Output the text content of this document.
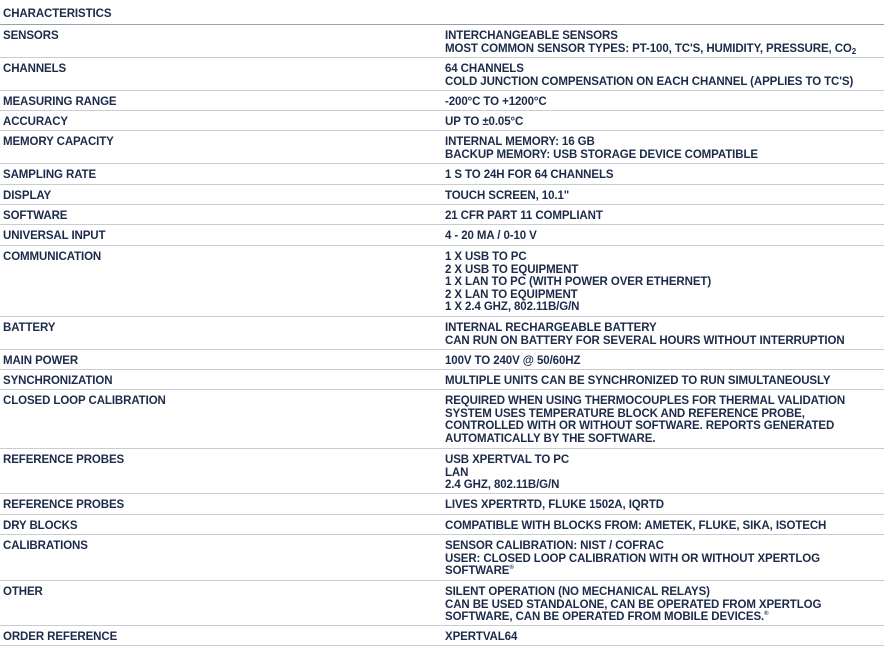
CHARACTERISTICS
SENSORS	INTERCHANGEABLE SENSORS
MOST COMMON SENSOR TYPES: PT-100, TC'S, HUMIDITY, PRESSURE, $CO_2$
CHANNELS	64 CHANNELS
COLD JUNCTION COMPENSATION ON EACH CHANNEL (APPLIES TO TC'S)
MEASURING RANGE	-200°C TO +1200°C
ACCURACY	UP TO ±0.05°C
MEMORY CAPACITY	INTERNAL MEMORY: 16 GB
BACKUP MEMORY: USB STORAGE DEVICE COMPATIBLE
SAMPLING RATE	1 S TO 24H FOR 64 CHANNELS
DISPLAY	TOUCH SCREEN, 10.1"
SOFTWARE	21 CFR PART 11 COMPLIANT
UNIVERSAL INPUT	4 - 20 MA / 0-10 V
COMMUNICATION	1 X USB TO PC
2 X USB TO EQUIPMENT
1 X LAN TO PC (WITH POWER OVER ETHERNET)
2 X LAN TO EQUIPMENT
1 X 2.4 GHZ, 802.11B/G/N
BATTERY	INTERNAL RECHARGEABLE BATTERY
CAN RUN ON BATTERY FOR SEVERAL HOURS WITHOUT INTERRUPTION
MAIN POWER	100V TO 240V @ 50/60HZ
SYNCHRONIZATION	MULTIPLE UNITS CAN BE SYNCHRONIZED TO RUN SIMULTANEOUSLY
CLOSED LOOP CALIBRATION	REQUIRED WHEN USING THERMOCOUPLES FOR THERMAL VALIDATION
SYSTEM USES TEMPERATURE BLOCK AND REFERENCE PROBE,
CONTROLLED WITH OR WITHOUT SOFTWARE. REPORTS GENERATED
AUTOMATICALLY BY THE SOFTWARE.
REFERENCE PROBES	USB XPERTVAL TO PC
LAN
2.4 GHZ, 802.11B/G/N
REFERENCE PROBES	LIVES XPERTRTD, FLUKE 1502A, IQRTD
DRY BLOCKS	COMPATIBLE WITH BLOCKS FROM: AMETEK, FLUKE, SIKA, ISOTECH
CALIBRATIONS	SENSOR CALIBRATION: NIST / COFRAC
USER: CLOSED LOOP CALIBRATION WITH OR WITHOUT XPERTLOG
SOFTWARE®
OTHER	SILENT OPERATION (NO MECHANICAL RELAYS)
CAN BE USED STANDALONE, CAN BE OPERATED FROM XPERTLOG
SOFTWARE, CAN BE OPERATED FROM MOBILE DEVICES.®
ORDER REFERENCE	XPERTVAL64
